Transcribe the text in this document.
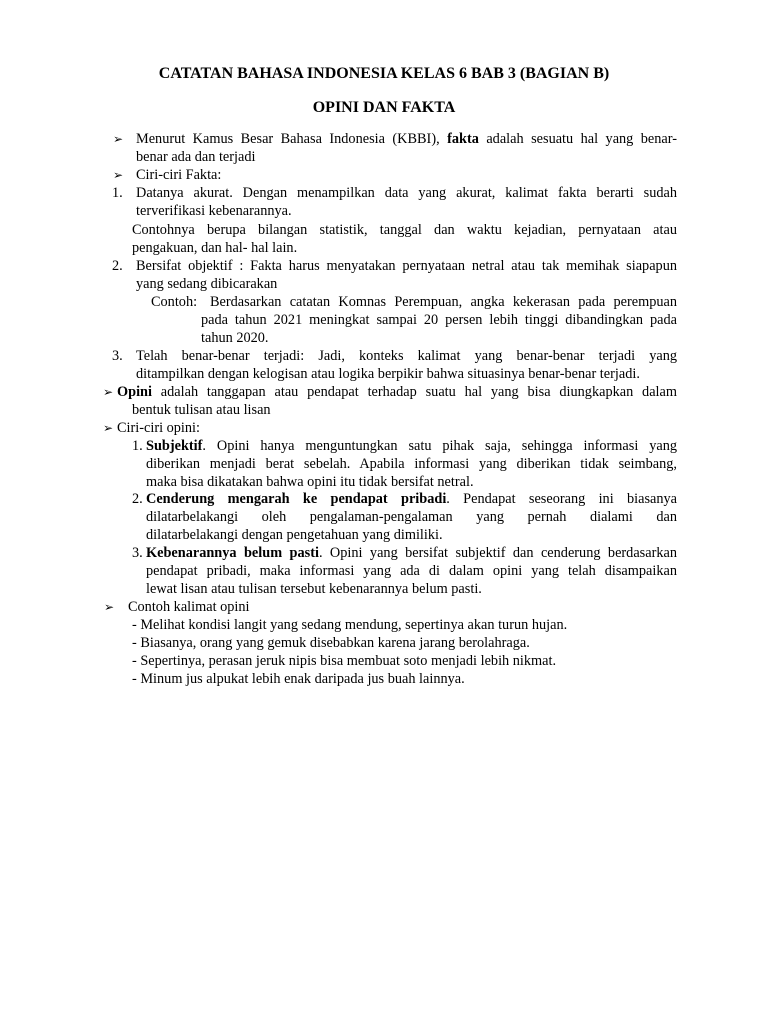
CATATAN BAHASA INDONESIA KELAS 6 BAB 3 (BAGIAN B)
OPINI DAN FAKTA
➢ Menurut Kamus Besar Bahasa Indonesia (KBBI), fakta adalah sesuatu hal yang benar-
benar ada dan terjadi
➢ Ciri-ciri Fakta:
1. Datanya akurat. Dengan menampilkan data yang akurat, kalimat fakta berarti sudah
terverifikasi kebenarannya.
Contohnya berupa bilangan statistik, tanggal dan waktu kejadian, pernyataan atau
pengakuan, dan hal- hal lain.
2. Bersifat objektif : Fakta harus menyatakan pernyataan netral atau tak memihak siapapun
yang sedang dibicarakan
Contoh: Berdasarkan catatan Komnas Perempuan, angka kekerasan pada perempuan
pada tahun 2021 meningkat sampai 20 persen lebih tinggi dibandingkan pada
tahun 2020.
3. Telah benar-benar terjadi: Jadi, konteks kalimat yang benar-benar terjadi yang
ditampilkan dengan kelogisan atau logika berpikir bahwa situasinya benar-benar terjadi.
➢ Opini adalah tanggapan atau pendapat terhadap suatu hal yang bisa diungkapkan dalam
bentuk tulisan atau lisan
➢ Ciri-ciri opini:
1. Subjektif. Opini hanya menguntungkan satu pihak saja, sehingga informasi yang
diberikan menjadi berat sebelah. Apabila informasi yang diberikan tidak seimbang,
maka bisa dikatakan bahwa opini itu tidak bersifat netral.
2. Cenderung mengarah ke pendapat pribadi. Pendapat seseorang ini biasanya
dilatarbelakangi oleh pengalaman-pengalaman yang pernah dialami dan
dilatarbelakangi dengan pengetahuan yang dimiliki.
3. Kebenarannya belum pasti. Opini yang bersifat subjektif dan cenderung berdasarkan
pendapat pribadi, maka informasi yang ada di dalam opini yang telah disampaikan
lewat lisan atau tulisan tersebut kebenarannya belum pasti.
➢ Contoh kalimat opini
- Melihat kondisi langit yang sedang mendung, sepertinya akan turun hujan.
- Biasanya, orang yang gemuk disebabkan karena jarang berolahraga.
- Sepertinya, perasan jeruk nipis bisa membuat soto menjadi lebih nikmat.
- Minum jus alpukat lebih enak daripada jus buah lainnya.
